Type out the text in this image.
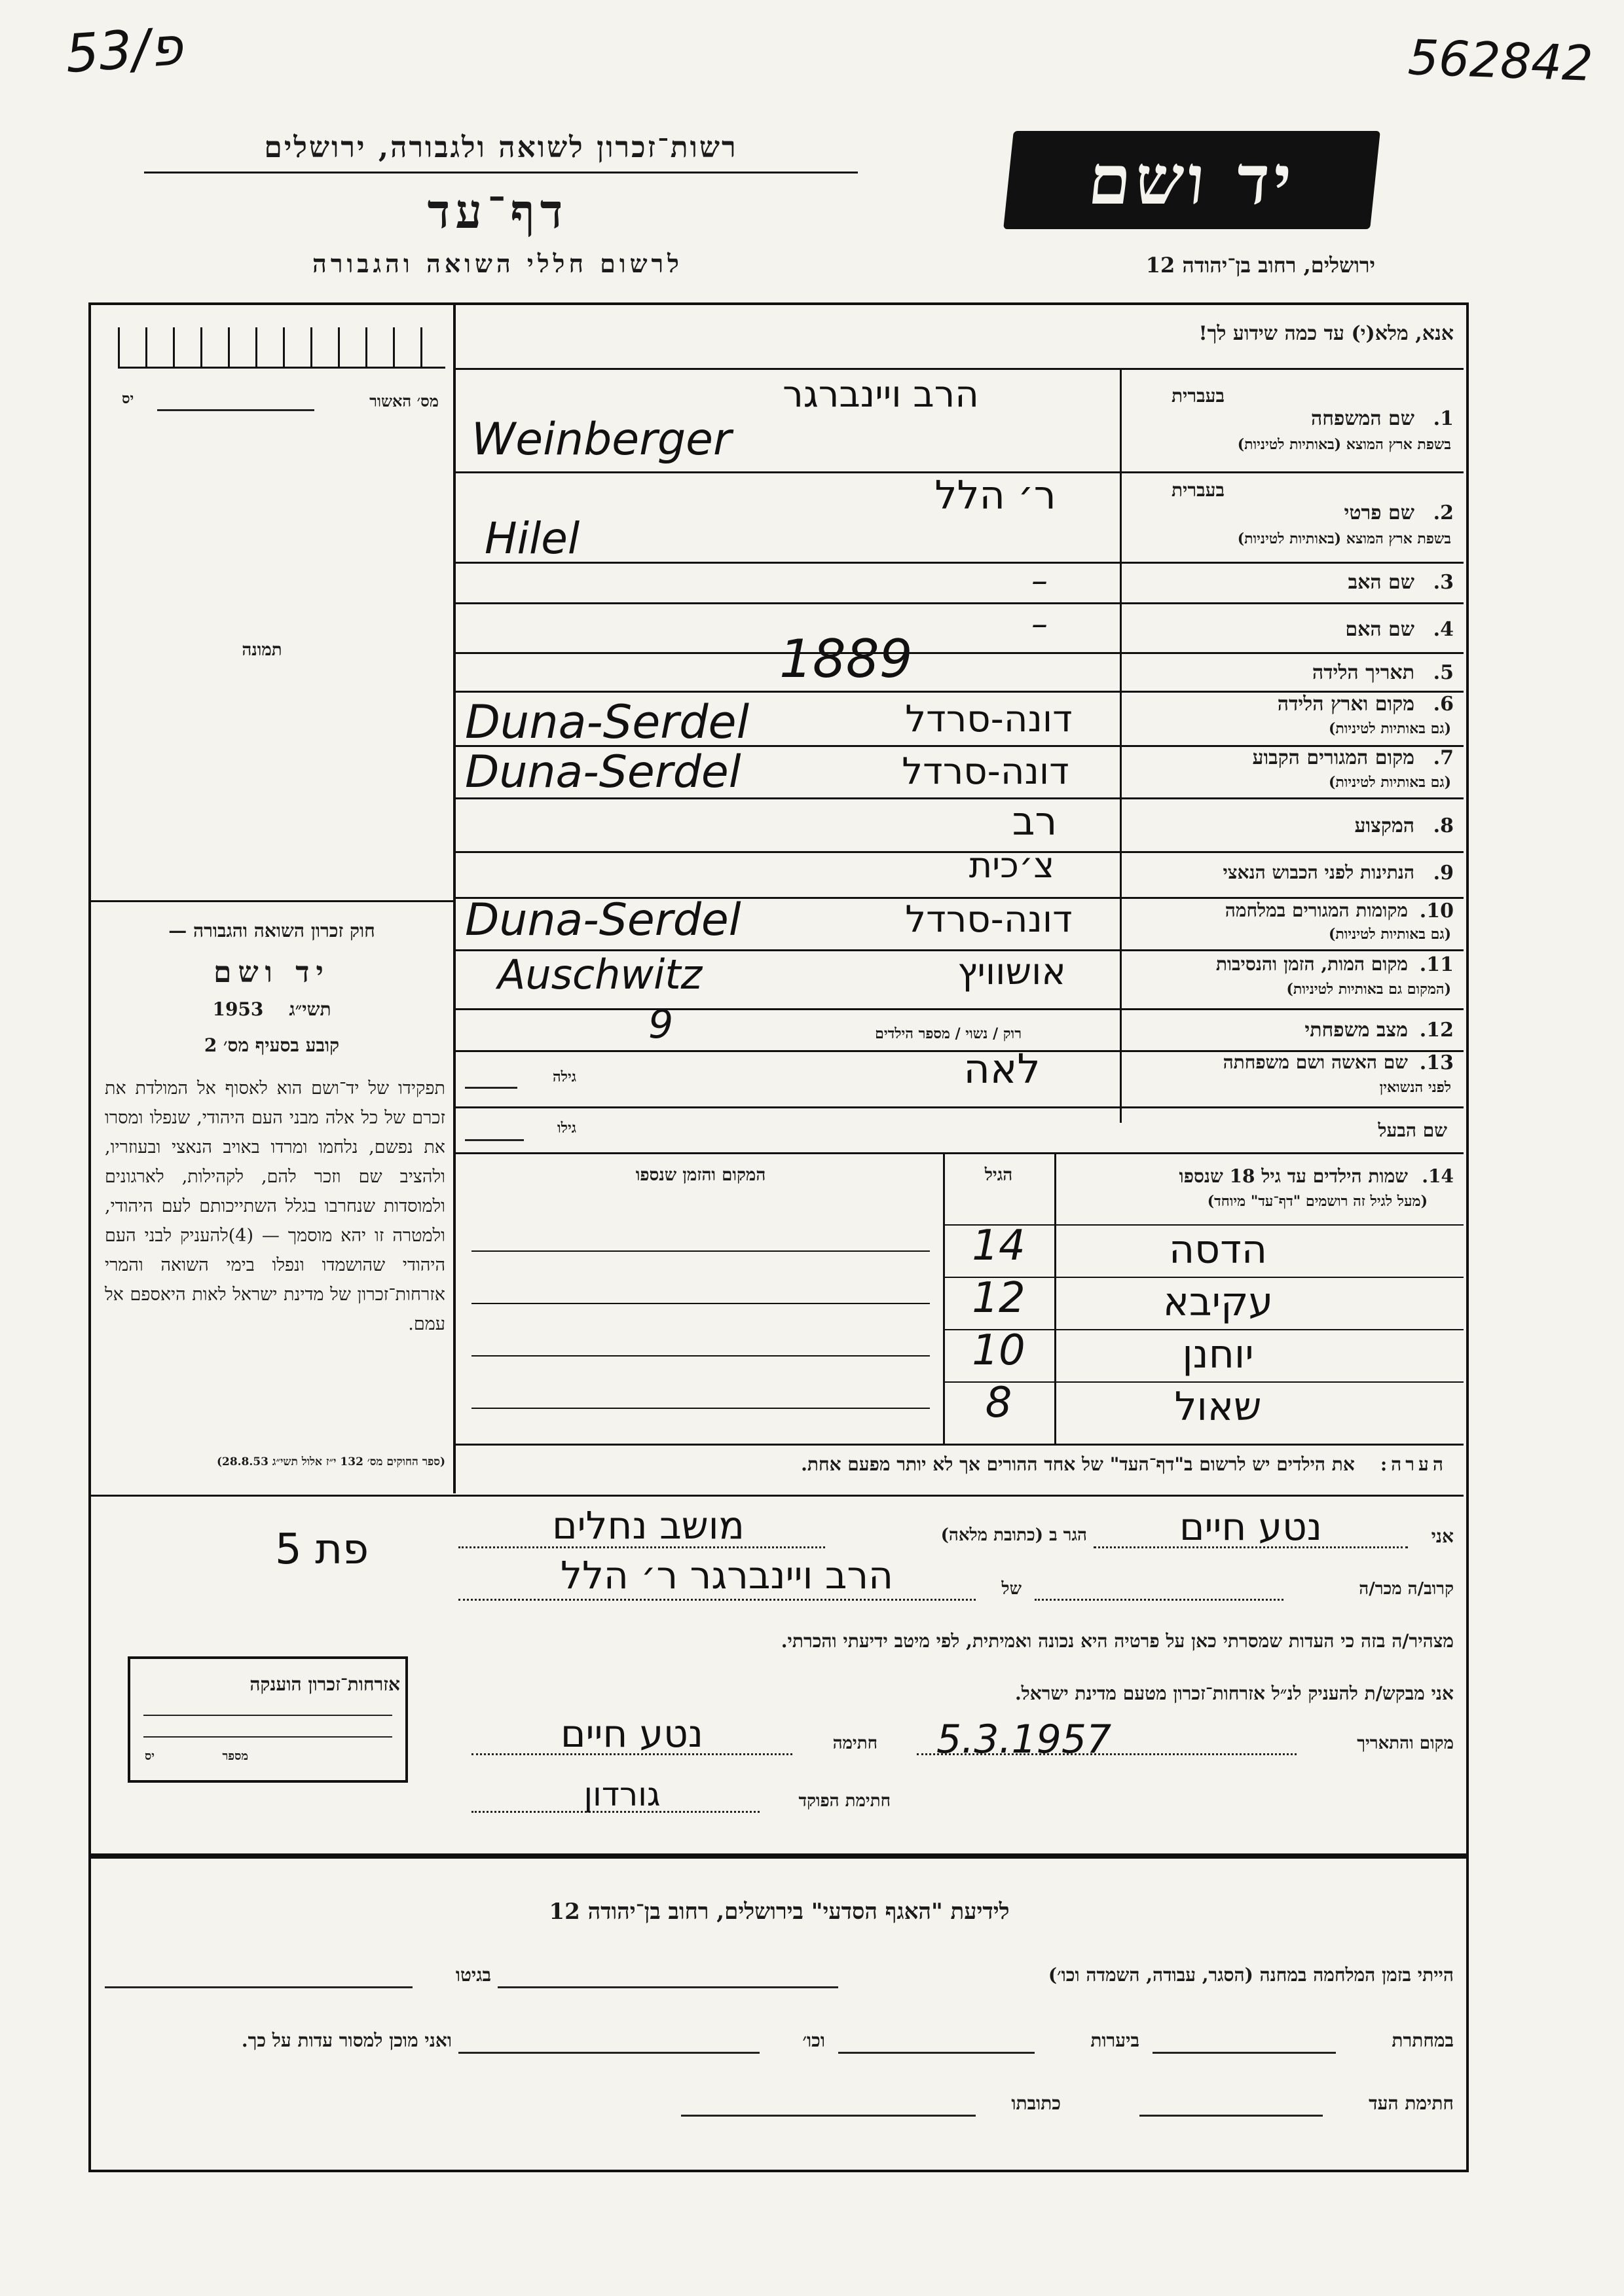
53/פ	562842
רשות־זכרון לשואה ולגבורה, ירושלים
דף־עד
לרשום חללי השואה והגבורה
יד ושם
ירושלים, רחוב בן־יהודה 12
אנא, מלא(י) עד כמה שידוע לך!
מס׳ האשור
יס
תמונה
חוק זכרון השואה והגבורה —
יד ושם
תשי״ג    1953
קובע בסעיף מס׳ 2
תפקידו של יד־ושם הוא לאסוף אל המולדת את זכרם של כל אלה מבני העם היהודי, שנפלו ומסרו את נפשם, נלחמו ומרדו באויב הנאצי ובעוזריו, ולהציב שם וזכר להם, לקהילות, לארגונים ולמוסדות שנחרבו בגלל השתייכותם לעם היהודי, ולמטרה זו יהא מוסמך — (4)להעניק לבני העם היהודי שהושמדו ונפלו בימי השואה והמרי אזרחות־זכרון של מדינת ישראל לאות היאספם אל עמם.
(ספר החוקים מס׳ 132 י״ז אלול תשי״ג 28.8.53)
אזרחות־זכרון הוענקה
מספר
יס
בעברית
1.
שם המשפחה
בשפת ארץ המוצא (באותיות לטיניות)
הרב ויינברגר
Weinberger
בעברית
2.
שם פרטי
בשפת ארץ המוצא (באותיות לטיניות)
ר׳ הלל
Hilel
3.
שם האב
–
4.
שם האם
–
5.
תאריך הלידה
1889
6.
מקום וארץ הלידה
(גם באותיות לטיניות)
Duna-Serdel	דונה-סרדל
7.
מקום המגורים הקבוע
(גם באותיות לטיניות)
Duna-Serdel	דונה-סרדל
8.
המקצוע
רב
9.
הנתינות לפני הכבוש הנאצי
צ׳כית
10.
מקומות המגורים במלחמה
(גם באותיות לטיניות)
Duna-Serdel	דונה-סרדל
11.
מקום המות, הזמן והנסיבות
(המקום גם באותיות לטיניות)
Auschwitz	אושוויץ
12.
מצב משפחתי
רוק / נשוי / מספר הילדים
9
13.
שם האשה ושם משפחתה
לפני הנשואין
גילה	לאה
שם הבעל
גילו
14.
שמות הילדים עד גיל 18 שנספו
(מעל לגיל זה רושמים "דף־עד" מיוחד)
הגיל
המקום והזמן שנספו
הדסה
14
עקיבא
12
יוחנן
10
שאול
8
הערה:    את הילדים יש לרשום ב"דף־העד" של אחד ההורים אך לא יותר מפעם אחת.
5 פת	אני
נטע חיים
הגר ב (כתובת מלאה)
מושב נחלים
קרוב/ה מכר/ה
של
הרב ויינברגר ר׳ הלל
מצהיר/ה בזה כי העדות שמסרתי כאן על פרטיה היא נכונה ואמיתית, לפי מיטב ידיעתי והכרתי.
אני מבקש/ת להעניק לנ״ל אזרחות־זכרון מטעם מדינת ישראל.
מקום והתאריך
5.3.1957
חתימה
נטע חיים
חתימת הפוקד
גורדון
לידיעת "האגף הסדעי" בירושלים, רחוב בן־יהודה 12
הייתי בזמן המלחמה במחנה (הסגר, עבודה, השמדה וכו׳)
בגיטו
במחתרת
ביערות
וכו׳
ואני מוכן למסור עדות על כך.
חתימת העד
כתובתו
